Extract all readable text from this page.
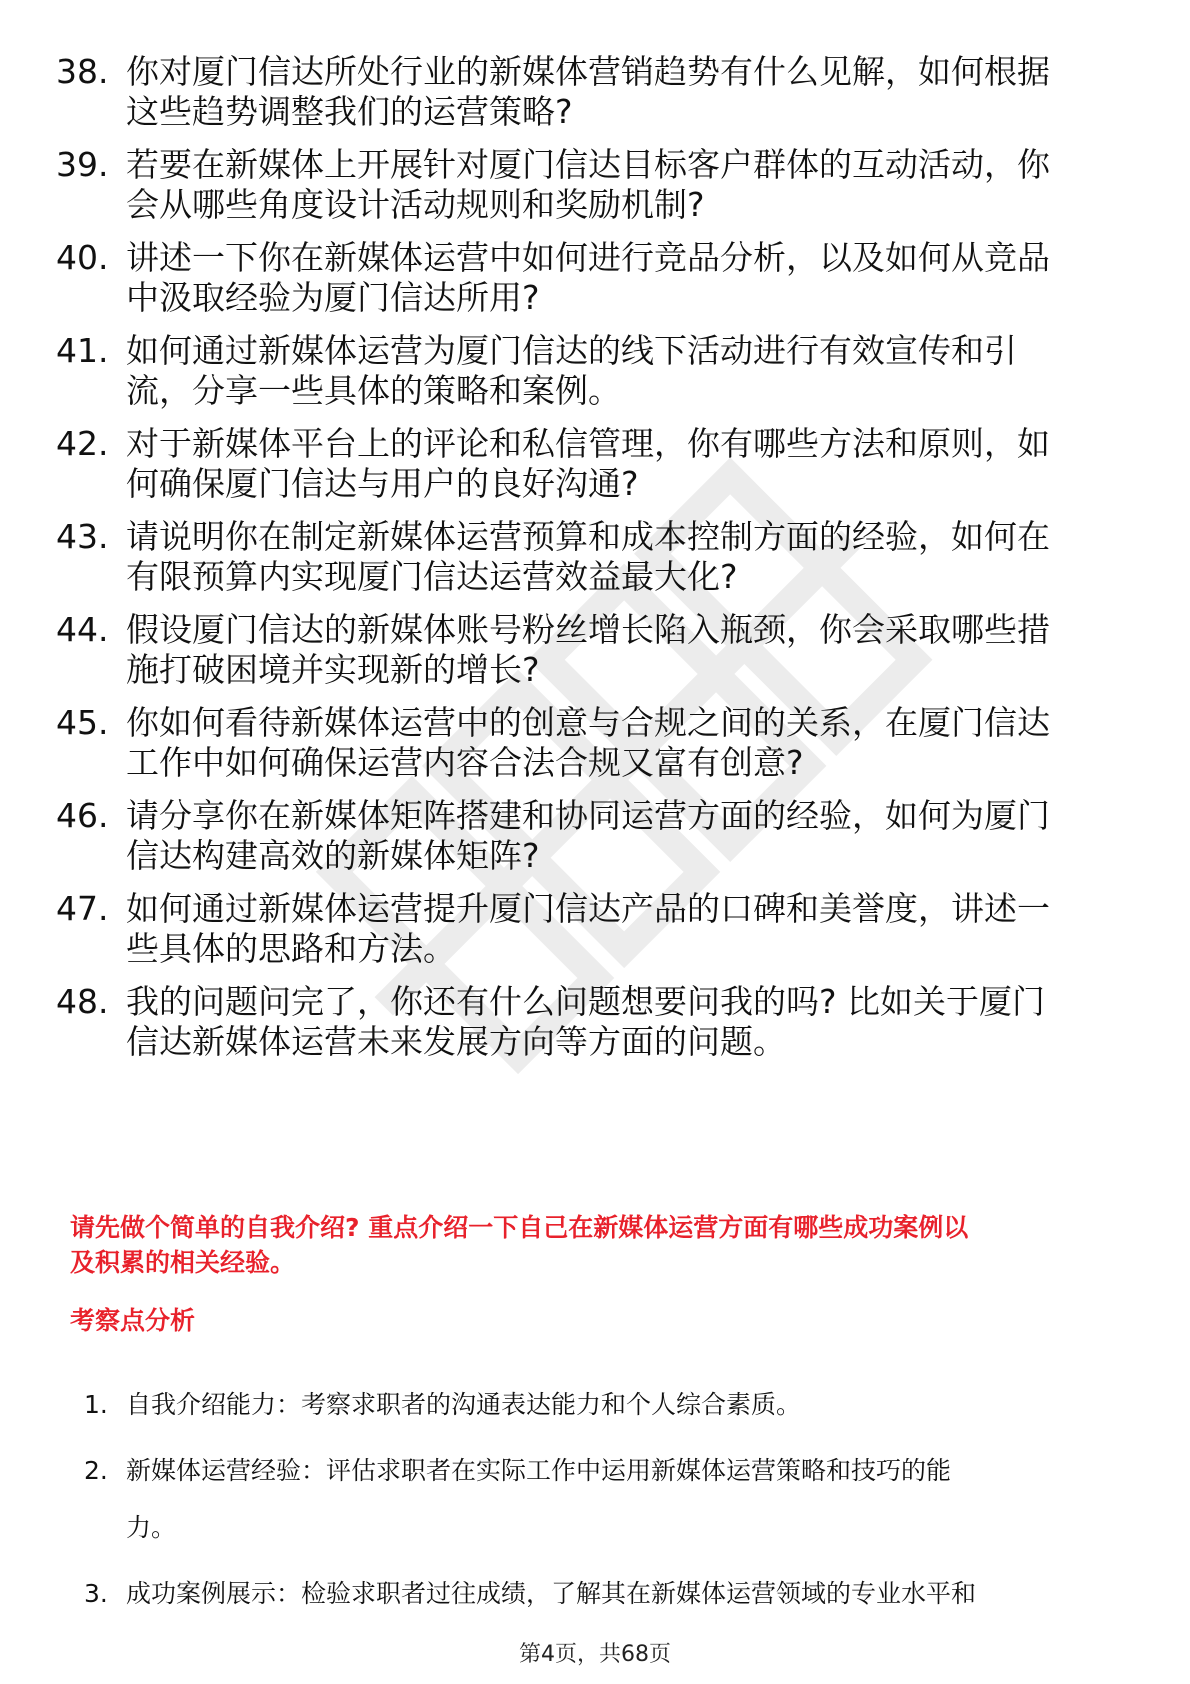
38. 你对厦门信达所处行业的新媒体营销趋势有什么见解，如何根据
这些趋势调整我们的运营策略?
39. 若要在新媒体上开展针对厦门信达目标客户群体的互动活动，你
会从哪些角度设计活动规则和奖励机制?
40. 讲述一下你在新媒体运营中如何进行竞品分析，以及如何从竞品
中汲取经验为厦门信达所用?
41. 如何通过新媒体运营为厦门信达的线下活动进行有效宣传和引
流，分享一些具体的策略和案例。
42. 对于新媒体平台上的评论和私信管理，你有哪些方法和原则，如
何确保厦门信达与用户的良好沟通?
43. 请说明你在制定新媒体运营预算和成本控制方面的经验，如何在
有限预算内实现厦门信达运营效益最大化?
44. 假设厦门信达的新媒体账号粉丝增长陷入瓶颈，你会采取哪些措
施打破困境并实现新的增长?
45. 你如何看待新媒体运营中的创意与合规之间的关系，在厦门信达
工作中如何确保运营内容合法合规又富有创意?
46. 请分享你在新媒体矩阵搭建和协同运营方面的经验，如何为厦门
信达构建高效的新媒体矩阵?
47. 如何通过新媒体运营提升厦门信达产品的口碑和美誉度，讲述一
些具体的思路和方法。
48. 我的问题问完了，你还有什么问题想要问我的吗? 比如关于厦门
信达新媒体运营未来发展方向等方面的问题。

请先做个简单的自我介绍? 重点介绍一下自己在新媒体运营方面有哪些成功案例以
及积累的相关经验。

考察点分析
1. 自我介绍能力：考察求职者的沟通表达能力和个人综合素质。
2. 新媒体运营经验：评估求职者在实际工作中运用新媒体运营策略和技巧的能
力。
3. 成功案例展示：检验求职者过往成绩，了解其在新媒体运营领域的专业水平和
第4页，共68页
